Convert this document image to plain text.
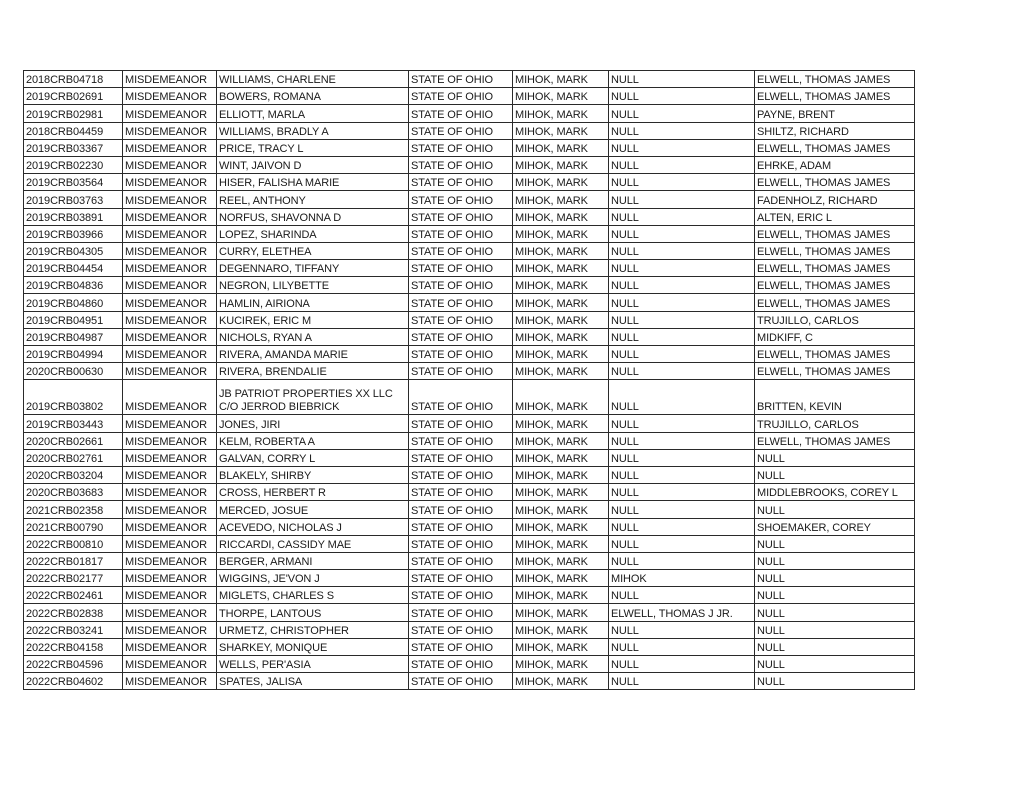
2018CRB04718	MISDEMEANOR	WILLIAMS, CHARLENE	STATE OF OHIO	MIHOK, MARK	NULL	ELWELL, THOMAS JAMES
2019CRB02691	MISDEMEANOR	BOWERS, ROMANA	STATE OF OHIO	MIHOK, MARK	NULL	ELWELL, THOMAS JAMES
2019CRB02981	MISDEMEANOR	ELLIOTT, MARLA	STATE OF OHIO	MIHOK, MARK	NULL	PAYNE, BRENT
2018CRB04459	MISDEMEANOR	WILLIAMS, BRADLY A	STATE OF OHIO	MIHOK, MARK	NULL	SHILTZ, RICHARD
2019CRB03367	MISDEMEANOR	PRICE, TRACY L	STATE OF OHIO	MIHOK, MARK	NULL	ELWELL, THOMAS JAMES
2019CRB02230	MISDEMEANOR	WINT, JAIVON D	STATE OF OHIO	MIHOK, MARK	NULL	EHRKE, ADAM
2019CRB03564	MISDEMEANOR	HISER, FALISHA MARIE	STATE OF OHIO	MIHOK, MARK	NULL	ELWELL, THOMAS JAMES
2019CRB03763	MISDEMEANOR	REEL, ANTHONY	STATE OF OHIO	MIHOK, MARK	NULL	FADENHOLZ, RICHARD
2019CRB03891	MISDEMEANOR	NORFUS, SHAVONNA D	STATE OF OHIO	MIHOK, MARK	NULL	ALTEN, ERIC L
2019CRB03966	MISDEMEANOR	LOPEZ, SHARINDA	STATE OF OHIO	MIHOK, MARK	NULL	ELWELL, THOMAS JAMES
2019CRB04305	MISDEMEANOR	CURRY, ELETHEA	STATE OF OHIO	MIHOK, MARK	NULL	ELWELL, THOMAS JAMES
2019CRB04454	MISDEMEANOR	DEGENNARO, TIFFANY	STATE OF OHIO	MIHOK, MARK	NULL	ELWELL, THOMAS JAMES
2019CRB04836	MISDEMEANOR	NEGRON, LILYBETTE	STATE OF OHIO	MIHOK, MARK	NULL	ELWELL, THOMAS JAMES
2019CRB04860	MISDEMEANOR	HAMLIN, AIRIONA	STATE OF OHIO	MIHOK, MARK	NULL	ELWELL, THOMAS JAMES
2019CRB04951	MISDEMEANOR	KUCIREK, ERIC M	STATE OF OHIO	MIHOK, MARK	NULL	TRUJILLO, CARLOS
2019CRB04987	MISDEMEANOR	NICHOLS, RYAN A	STATE OF OHIO	MIHOK, MARK	NULL	MIDKIFF, C
2019CRB04994	MISDEMEANOR	RIVERA, AMANDA MARIE	STATE OF OHIO	MIHOK, MARK	NULL	ELWELL, THOMAS JAMES
2020CRB00630	MISDEMEANOR	RIVERA, BRENDALIE	STATE OF OHIO	MIHOK, MARK	NULL	ELWELL, THOMAS JAMES
2019CRB03802	MISDEMEANOR	JB PATRIOT PROPERTIES XX LLC C/O JERROD BIEBRICK	STATE OF OHIO	MIHOK, MARK	NULL	BRITTEN, KEVIN
2019CRB03443	MISDEMEANOR	JONES, JIRI	STATE OF OHIO	MIHOK, MARK	NULL	TRUJILLO, CARLOS
2020CRB02661	MISDEMEANOR	KELM, ROBERTA A	STATE OF OHIO	MIHOK, MARK	NULL	ELWELL, THOMAS JAMES
2020CRB02761	MISDEMEANOR	GALVAN, CORRY L	STATE OF OHIO	MIHOK, MARK	NULL	NULL
2020CRB03204	MISDEMEANOR	BLAKELY, SHIRBY	STATE OF OHIO	MIHOK, MARK	NULL	NULL
2020CRB03683	MISDEMEANOR	CROSS, HERBERT R	STATE OF OHIO	MIHOK, MARK	NULL	MIDDLEBROOKS, COREY L
2021CRB02358	MISDEMEANOR	MERCED, JOSUE	STATE OF OHIO	MIHOK, MARK	NULL	NULL
2021CRB00790	MISDEMEANOR	ACEVEDO, NICHOLAS J	STATE OF OHIO	MIHOK, MARK	NULL	SHOEMAKER, COREY
2022CRB00810	MISDEMEANOR	RICCARDI, CASSIDY MAE	STATE OF OHIO	MIHOK, MARK	NULL	NULL
2022CRB01817	MISDEMEANOR	BERGER, ARMANI	STATE OF OHIO	MIHOK, MARK	NULL	NULL
2022CRB02177	MISDEMEANOR	WIGGINS, JE'VON J	STATE OF OHIO	MIHOK, MARK	MIHOK	NULL
2022CRB02461	MISDEMEANOR	MIGLETS, CHARLES S	STATE OF OHIO	MIHOK, MARK	NULL	NULL
2022CRB02838	MISDEMEANOR	THORPE, LANTOUS	STATE OF OHIO	MIHOK, MARK	ELWELL, THOMAS J JR.	NULL
2022CRB03241	MISDEMEANOR	URMETZ, CHRISTOPHER	STATE OF OHIO	MIHOK, MARK	NULL	NULL
2022CRB04158	MISDEMEANOR	SHARKEY, MONIQUE	STATE OF OHIO	MIHOK, MARK	NULL	NULL
2022CRB04596	MISDEMEANOR	WELLS, PER'ASIA	STATE OF OHIO	MIHOK, MARK	NULL	NULL
2022CRB04602	MISDEMEANOR	SPATES, JALISA	STATE OF OHIO	MIHOK, MARK	NULL	NULL
